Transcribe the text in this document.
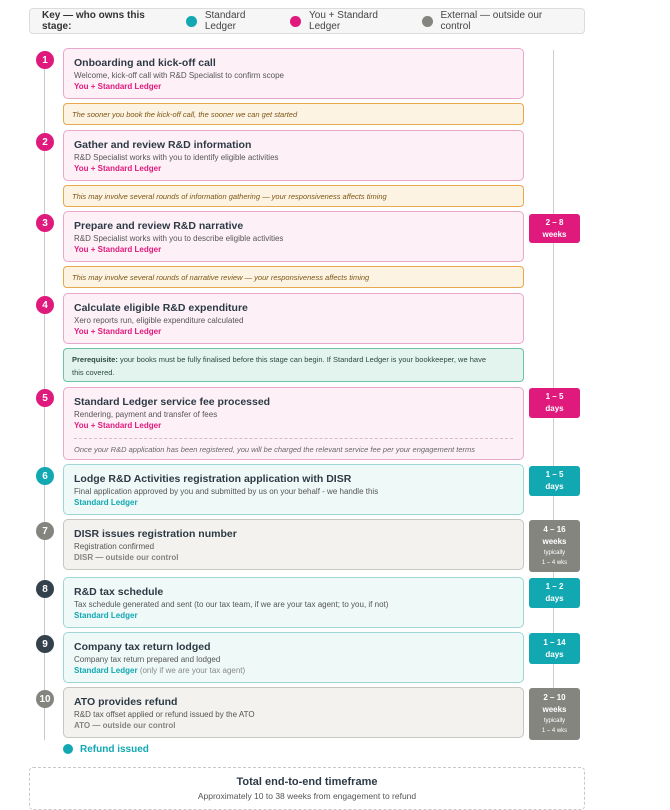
Key — who owns this stage:
Standard Ledger
You + Standard Ledger
External — outside our control
1	Onboarding and kick-off call
Welcome, kick-off call with R&D Specialist to confirm scope
You + Standard Ledger
The sooner you book the kick-off call, the sooner we can get started
2	Gather and review R&D information
R&D Specialist works with you to identify eligible activities
You + Standard Ledger
This may involve several rounds of information gathering — your responsiveness affects timing
3	Prepare and review R&D narrative
R&D Specialist works with you to describe eligible activities
You + Standard Ledger
This may involve several rounds of narrative review — your responsiveness affects timing
4	Calculate eligible R&D expenditure
Xero reports run, eligible expenditure calculated
You + Standard Ledger
Prerequisite: your books must be fully finalised before this stage can begin. If Standard Ledger is your bookkeeper, we have
this covered.
5	Standard Ledger service fee processed
Rendering, payment and transfer of fees
You + Standard Ledger
Once your R&D application has been registered, you will be charged the relevant service fee per your engagement terms
6	Lodge R&D Activities registration application with DISR
Final application approved by you and submitted by us on your behalf - we handle this
Standard Ledger
7	DISR issues registration number
Registration confirmed
DISR — outside our control
8	R&D tax schedule
Tax schedule generated and sent (to our tax team, if we are your tax agent; to you, if not)
Standard Ledger
9	Company tax return lodged
Company tax return prepared and lodged
Standard Ledger (only if we are your tax agent)
10	ATO provides refund
R&D tax offset applied or refund issued by the ATO
ATO — outside our control
2 – 8
weeks
1 – 5
days
1 – 5
days
4 – 16
weeks
typically
1 – 4 wks
1 – 2
days
1 – 14
days
2 – 10
weeks
typically
1 – 4 wks
Refund issued
Total end-to-end timeframe
Approximately 10 to 38 weeks from engagement to refund
